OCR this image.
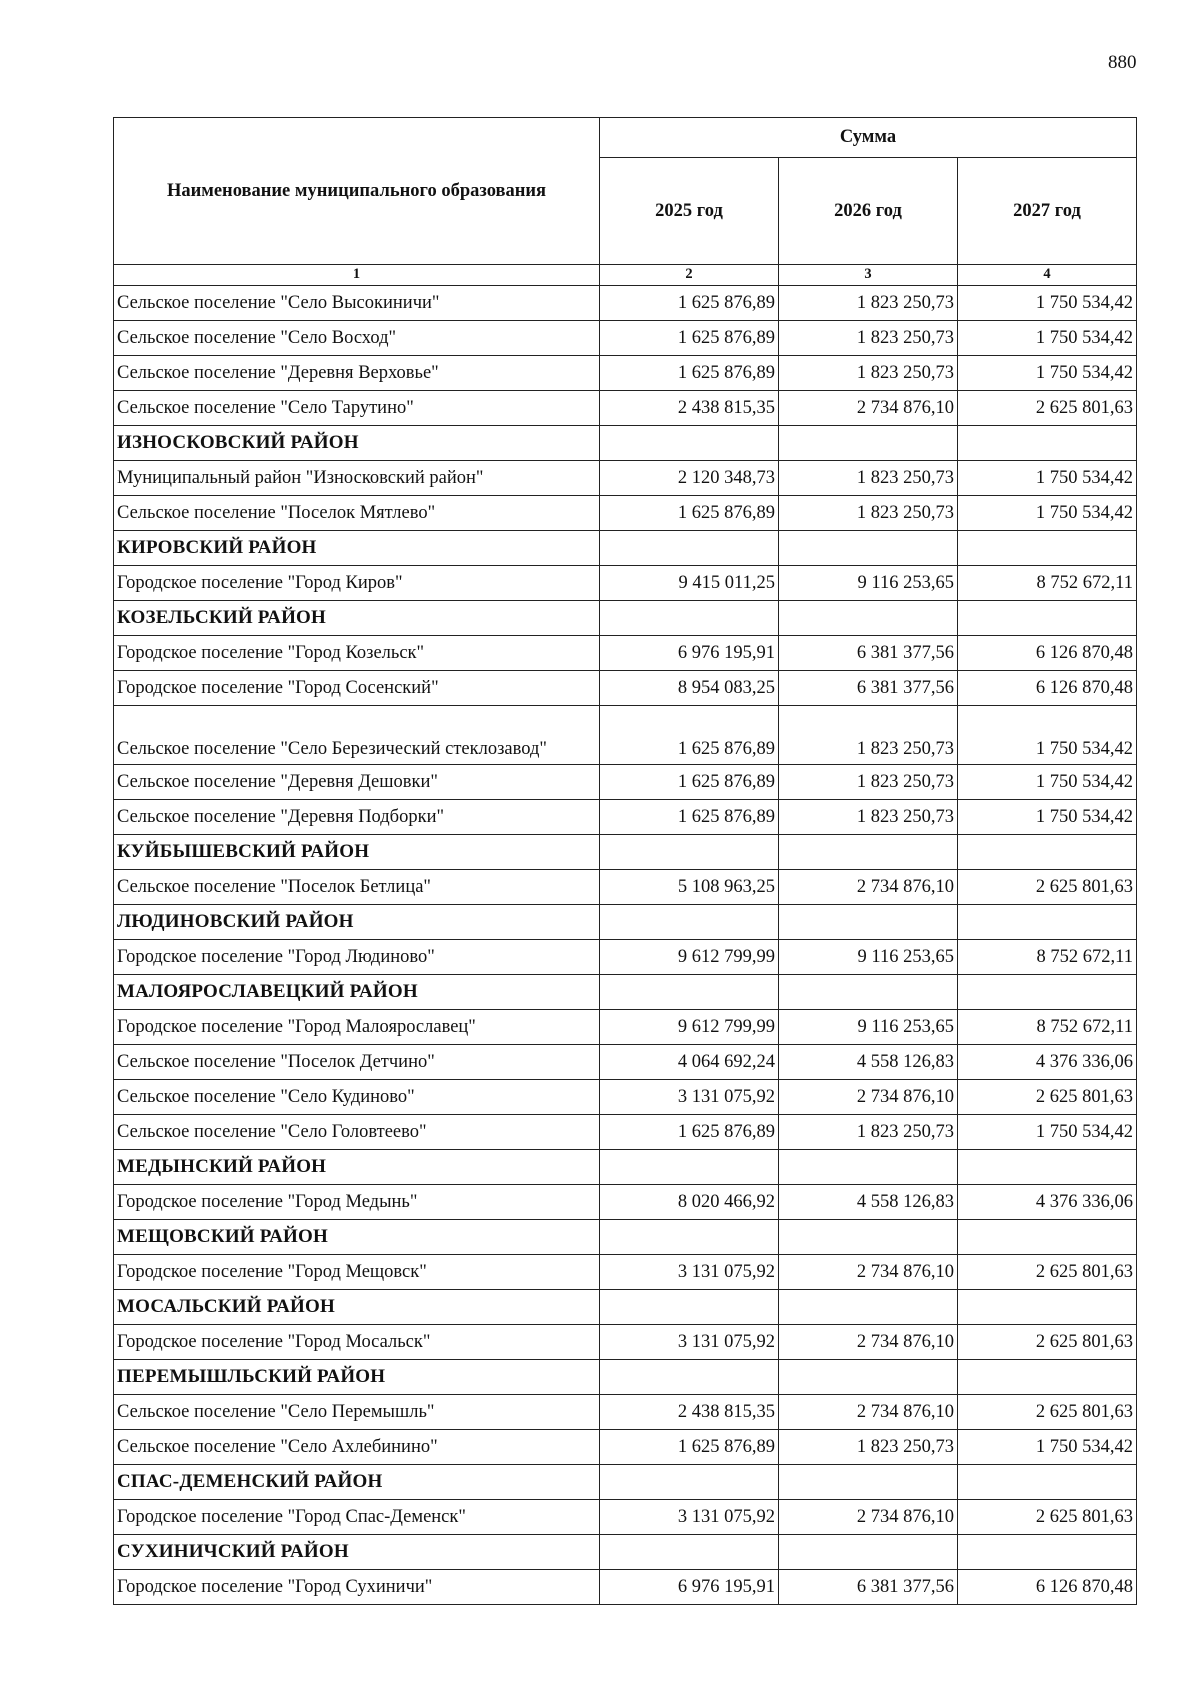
880
Наименование муниципального образования	Сумма		
	2025 год	2026 год	2027 год
1	2	3	4
Сельское поселение "Село Высокиничи"	1 625 876,89	1 823 250,73	1 750 534,42
Сельское поселение "Село Восход"	1 625 876,89	1 823 250,73	1 750 534,42
Сельское поселение "Деревня Верховье"	1 625 876,89	1 823 250,73	1 750 534,42
Сельское поселение "Село Тарутино"	2 438 815,35	2 734 876,10	2 625 801,63
ИЗНОСКОВСКИЙ РАЙОН			
Муниципальный район "Износковский район"	2 120 348,73	1 823 250,73	1 750 534,42
Сельское поселение "Поселок Мятлево"	1 625 876,89	1 823 250,73	1 750 534,42
КИРОВСКИЙ РАЙОН			
Городское поселение "Город Киров"	9 415 011,25	9 116 253,65	8 752 672,11
КОЗЕЛЬСКИЙ РАЙОН			
Городское поселение "Город Козельск"	6 976 195,91	6 381 377,56	6 126 870,48
Городское поселение "Город Сосенский"	8 954 083,25	6 381 377,56	6 126 870,48
Сельское поселение "Село Березический стеклозавод"	1 625 876,89	1 823 250,73	1 750 534,42
Сельское поселение "Деревня Дешовки"	1 625 876,89	1 823 250,73	1 750 534,42
Сельское поселение "Деревня Подборки"	1 625 876,89	1 823 250,73	1 750 534,42
КУЙБЫШЕВСКИЙ РАЙОН			
Сельское поселение "Поселок Бетлица"	5 108 963,25	2 734 876,10	2 625 801,63
ЛЮДИНОВСКИЙ РАЙОН			
Городское поселение "Город Людиново"	9 612 799,99	9 116 253,65	8 752 672,11
МАЛОЯРОСЛАВЕЦКИЙ РАЙОН			
Городское поселение "Город Малоярославец"	9 612 799,99	9 116 253,65	8 752 672,11
Сельское поселение "Поселок Детчино"	4 064 692,24	4 558 126,83	4 376 336,06
Сельское поселение "Село Кудиново"	3 131 075,92	2 734 876,10	2 625 801,63
Сельское поселение "Село Головтеево"	1 625 876,89	1 823 250,73	1 750 534,42
МЕДЫНСКИЙ РАЙОН			
Городское поселение "Город Медынь"	8 020 466,92	4 558 126,83	4 376 336,06
МЕЩОВСКИЙ РАЙОН			
Городское поселение "Город Мещовск"	3 131 075,92	2 734 876,10	2 625 801,63
МОСАЛЬСКИЙ РАЙОН			
Городское поселение "Город Мосальск"	3 131 075,92	2 734 876,10	2 625 801,63
ПЕРЕМЫШЛЬСКИЙ РАЙОН			
Сельское поселение "Село Перемышль"	2 438 815,35	2 734 876,10	2 625 801,63
Сельское поселение "Село Ахлебинино"	1 625 876,89	1 823 250,73	1 750 534,42
СПАС-ДЕМЕНСКИЙ РАЙОН			
Городское поселение "Город Спас-Деменск"	3 131 075,92	2 734 876,10	2 625 801,63
СУХИНИЧСКИЙ РАЙОН			
Городское поселение "Город Сухиничи"	6 976 195,91	6 381 377,56	6 126 870,48
